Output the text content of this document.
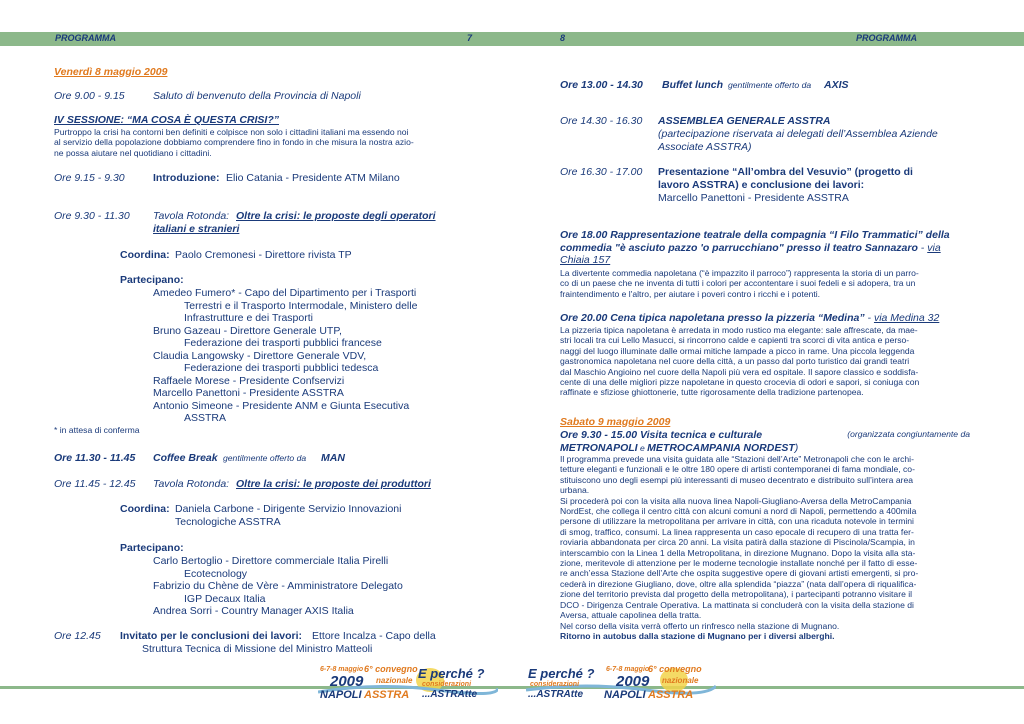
PROGRAMMA	7	8	PROGRAMMA
Venerdì 8 maggio 2009
Ore 9.00 - 9.15	Saluto di benvenuto della Provincia di Napoli
IV SESSIONE: “MA COSA È QUESTA CRISI?”
Purtroppo la crisi ha contorni ben definiti e colpisce non solo i cittadini italiani ma essendo noi
al servizio della popolazione dobbiamo comprendere fino in fondo in che misura la nostra azio-
ne possa aiutare nel quotidiano i cittadini.
Ore 9.15 - 9.30	Introduzione: Elio Catania - Presidente ATM Milano
Ore 9.30 - 11.30 Tavola Rotonda: Oltre la crisi: le proposte degli operatori
italiani e stranieri
Coordina: Paolo Cremonesi - Direttore rivista TP
Partecipano:
Amedeo Fumero* - Capo del Dipartimento per i Trasporti
Terrestri e il Trasporto Intermodale, Ministero delle
Infrastrutture e dei Trasporti
Bruno Gazeau - Direttore Generale UTP,
Federazione dei trasporti pubblici francese
Claudia Langowsky - Direttore Generale VDV,
Federazione dei trasporti pubblici tedesca
Raffaele Morese - Presidente Confservizi
Marcello Panettoni - Presidente ASSTRA
Antonio Simeone - Presidente ANM e Giunta Esecutiva
ASSTRA
* in attesa di conferma
Ore 11.30 - 11.45 Coffee Break gentilmente offerto da MAN
Ore 11.45 - 12.45 Tavola Rotonda: Oltre la crisi: le proposte dei produttori
Coordina: Daniela Carbone - Dirigente Servizio Innovazioni
Tecnologiche ASSTRA
Partecipano:
Carlo Bertoglio - Direttore commerciale Italia Pirelli
Ecotecnology
Fabrizio du Chène de Vère - Amministratore Delegato
IGP Decaux Italia
Andrea Sorri - Country Manager AXIS Italia
Ore 12.45 Invitato per le conclusioni dei lavori: Ettore Incalza - Capo della
Struttura Tecnica di Missione del Ministro Matteoli
Ore 13.00 - 14.30 Buffet lunch gentilmente offerto da AXIS
Ore 14.30 - 16.30 ASSEMBLEA GENERALE ASSTRA
(partecipazione riservata ai delegati dell’Assemblea Aziende
Associate ASSTRA)
Ore 16.30 - 17.00 Presentazione “All’ombra del Vesuvio” (progetto di
lavoro ASSTRA) e conclusione dei lavori:
Marcello Panettoni - Presidente ASSTRA
Ore 18.00 Rappresentazione teatrale della compagnia “I Filo Trammatici” della
commedia "è asciuto pazzo 'o parrucchiano" presso il teatro Sannazaro - via
Chiaia 157
La divertente commedia napoletana (“è impazzito il parroco”) rappresenta la storia di un parro-
co di un paese che ne inventa di tutti i colori per accontentare i suoi fedeli e si adopera, tra un
fraintendimento e l'altro, per aiutare i poveri contro i ricchi e i potenti.
Ore 20.00 Cena tipica napoletana presso la pizzeria “Medina” - via Medina 32
La pizzeria tipica napoletana è arredata in modo rustico ma elegante: sale affrescate, da mae-
stri locali tra cui Lello Masucci, si rincorrono calde e capienti tra scorci di vita antica e perso-
naggi del luogo illuminate dalle ormai mitiche lampade a picco in rame. Una piccola leggenda
gastronomica napoletana nel cuore della città, a un passo dal porto turistico dai grandi teatri
dal Maschio Angioino nel cuore della Napoli più vera ed ospitale. Il sapore classico e soddisfa-
cente di una delle migliori pizze napoletane in questo crocevia di odori e sapori, si coniuga con
raffinate e sfiziose ghiottonerie, tutte rigorosamente della tradizione partenopea.
Sabato 9 maggio 2009
Ore 9.30 - 15.00 Visita tecnica e culturale	(organizzata congiuntamente da
METRONAPOLI e METROCAMPANIA NORDEST)
Il programma prevede una visita guidata alle “Stazioni dell’Arte” Metronapoli che con le archi-
tetture eleganti e funzionali e le oltre 180 opere di artisti contemporanei di fama mondiale, co-
stituiscono uno degli esempi più interessanti di museo decentrato e distribuito sull’intera area
urbana.
Si procederà poi con la visita alla nuova linea Napoli-Giugliano-Aversa della MetroCampania
NordEst, che collega il centro città con alcuni comuni a nord di Napoli, permettendo a 400mila
persone di utilizzare la metropolitana per arrivare in città, con una ricaduta notevole in termini
di smog, traffico, consumi. La linea rappresenta un caso epocale di recupero di una tratta fer-
roviaria abbandonata per circa 20 anni. La visita patirà dalla stazione di Piscinola/Scampia, in
interscambio con la Linea 1 della Metropolitana, in direzione Mugnano. Dopo la visita alla sta-
zione, meritevole di attenzione per le moderne tecnologie installate nonché per il fatto di esse-
re anch’essa Stazione dell’Arte che ospita suggestive opere di giovani artisti emergenti, si pro-
cederà in direzione Giugliano, dove, oltre alla splendida “piazza” (nata dall’opera di riqualifica-
zione del territorio prevista dal progetto della metropolitana), i partecipanti potranno visitare il
DCO - Dirigenza Centrale Operativa. La mattinata si concluderà con la visita della stazione di
Aversa, attuale capolinea della tratta.
Nel corso della visita verrà offerto un rinfresco nella stazione di Mugnano.
Ritorno in autobus dalla stazione di Mugnano per i diversi alberghi.
6-7-8 maggio 6° convegno
2009 nazionale
NAPOLI ASSTRA
E perché ?
considerazioni
...ASTRAtte
E perché ?
considerazioni
...ASTRAtte
6-7-8 maggio
6° convegno
2009 nazionale
NAPOLI ASSTRA
